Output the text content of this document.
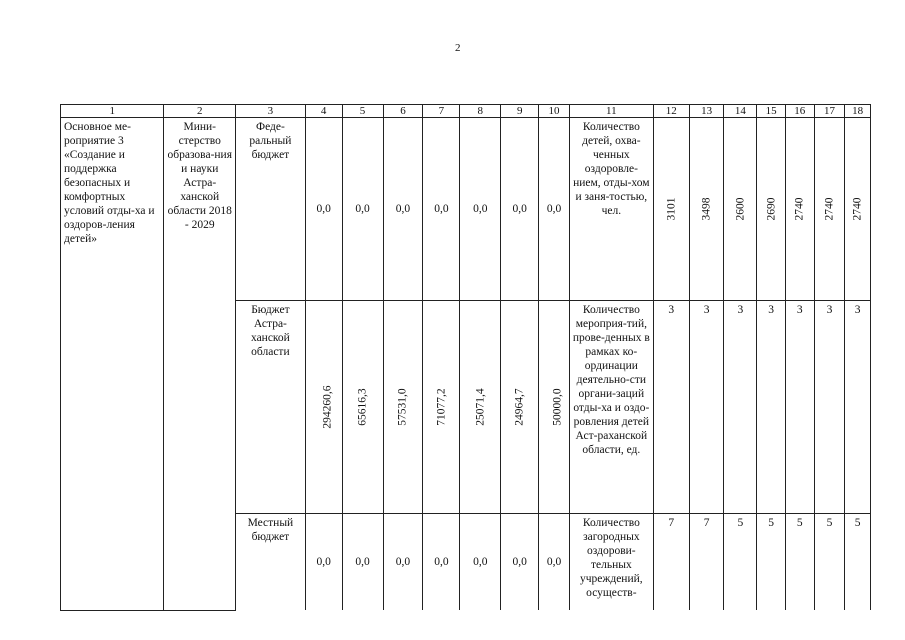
2
1	2	3	4	5	6	7	8	9	10	11	12	13	14	15	16	17	18
Основное ме-роприятие 3 «Создание и поддержка безопасных и комфортных условий отды-ха и оздоров-ления детей»	Мини-стерство образова-ния и науки Астра-ханской области 2018 - 2029	Феде-ральный бюджет	0,0	0,0	0,0	0,0	0,0	0,0	0,0	Количество детей, охва-ченных оздоровле-нием, отды-хом и заня-тостью, чел.	3101	3498	2600	2690	2740	2740	2740
		Бюджет Астра-ханской области	294260,6	65616,3	57531,0	71077,2	25071,4	24964,7	50000,0	Количество мероприя-тий, прове-денных в рамках ко-ординации деятельно-сти органи-заций отды-ха и оздо-ровления детей Аст-раханской области, ед.	3	3	3	3	3	3	3
		Местный бюджет	0,0	0,0	0,0	0,0	0,0	0,0	0,0	Количество загородных оздорови-тельных учреждений, осуществ-	7	7	5	5	5	5	5
